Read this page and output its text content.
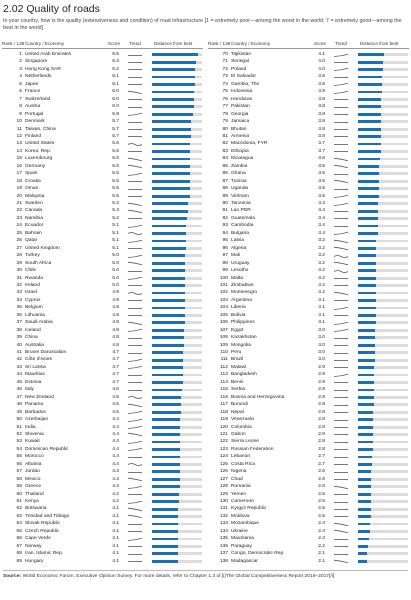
2.02 Quality of roads
In your country, how is the quality (extensiveness and condition) of road infrastructure [1 = extremely poor—among the worst in the world; 7 = extremely good—among the best in the world]
Rank / 138 Country / Economy	Score Trend	Distance from best
1 United Arab Emirates	6.5
2 Singapore	6.3
3 Hong Kong SAR	6.2
4 Netherlands	6.1
5 Japan	6.1
6 France	6.0
7 Switzerland	6.0
8 Austria	6.0
9 Portugal	5.9
10 Denmark	5.7
11 Taiwan, China	5.7
12 Finland	5.7
13 United States	5.6
14 Korea, Rep.	5.6
15 Luxembourg	5.6
16 Germany	5.6
17 Spain	5.5
18 Croatia	5.5
19 Oman	5.5
20 Malaysia	5.5
21 Sweden	5.3
22 Canada	5.3
23 Namibia	5.2
24 Ecuador	5.1
25 Bahrain	5.1
26 Qatar	5.1
27 United Kingdom	5.1
28 Turkey	5.0
29 South Africa	5.0
30 Chile	5.0
31 Rwanda	5.0
32 Ireland	5.0
33 Israel	4.9
34 Cyprus	4.9
35 Belgium	4.9
36 Lithuania	4.9
37 Saudi Arabia	4.9
38 Iceland	4.8
39 China	4.8
40 Australia	4.8
41 Brunei Darussalam	4.7
42 Côte d'Ivoire	4.7
43 Sri Lanka	4.7
44 Mauritius	4.7
45 Estonia	4.7
46 Italy	4.6
47 New Zealand	4.5
48 Panama	4.5
49 Barbados	4.5
50 Azerbaijan	4.4
51 India	4.4
52 Slovenia	4.4
53 Kuwait	4.4
54 Dominican Republic	4.4
55 Morocco	4.4
56 Albania	4.4
57 Jordan	4.3
58 Mexico	4.3
59 Greece	4.3
60 Thailand	4.2
61 Kenya	4.2
62 Botswana	4.1
63 Trinidad and Tobago	4.1
64 Slovak Republic	4.1
65 Czech Republic	4.1
66 Cape Verde	4.1
67 Norway	4.1
68 Iran, Islamic Rep.	4.1
69 Hungary	4.1
Rank / 138 Country / Economy	Score Trend	Distance from best
70 Tajikistan	4.1
71 Senegal	4.0
72 Poland	4.0
73 El Salvador	3.9
74 Gambia, The	3.9
75 Indonesia	3.9
76 Honduras	3.8
77 Pakistan	3.8
78 Georgia	3.8
79 Jamaica	3.8
80 Bhutan	3.8
81 Armenia	3.8
82 Macedonia, FYR	3.7
83 Ethiopia	3.7
84 Nicaragua	3.6
85 Zambia	3.5
86 Ghana	3.5
87 Tunisia	3.5
88 Uganda	3.5
89 Vietnam	3.5
90 Tanzania	3.4
91 Lao PDR	3.4
92 Guatemala	3.4
93 Cambodia	3.4
94 Bulgaria	3.4
95 Latvia	3.2
96 Algeria	3.2
97 Mali	3.2
98 Uruguay	3.2
99 Lesotho	3.2
100 Malta	3.2
101 Zimbabwe	3.2
102 Montenegro	3.2
103 Argentina	3.1
104 Liberia	3.1
105 Bolivia	3.1
106 Philippines	3.1
107 Egypt	3.0
108 Kazakhstan	3.0
109 Mongolia	3.0
110 Peru	3.0
111 Brazil	3.0
112 Malawi	2.9
113 Bangladesh	2.9
114 Benin	2.9
115 Serbia	2.9
116 Bosnia and Herzegovina	2.9
117 Burundi	2.9
118 Nepal	2.8
119 Venezuela	2.8
120 Colombia	2.8
121 Gabon	2.8
122 Sierra Leone	2.8
123 Russian Federation	2.8
124 Lebanon	2.7
125 Costa Rica	2.7
126 Nigeria	2.6
127 Chad	2.6
128 Romania	2.6
129 Yemen	2.5
130 Cameroon	2.5
131 Kyrgyz Republic	2.5
132 Moldova	2.5
133 Mozambique	2.4
134 Ukraine	2.4
135 Mauritania	2.3
136 Paraguay	2.2
137 Congo, Democratic Rep.	2.1
138 Madagascar	2.1
Source: World Economic Forum, Executive Opinion Survey. For more details, refer to Chapter 1.3 of [i]The Global Competitiveness Report 2016–2017[/i]
